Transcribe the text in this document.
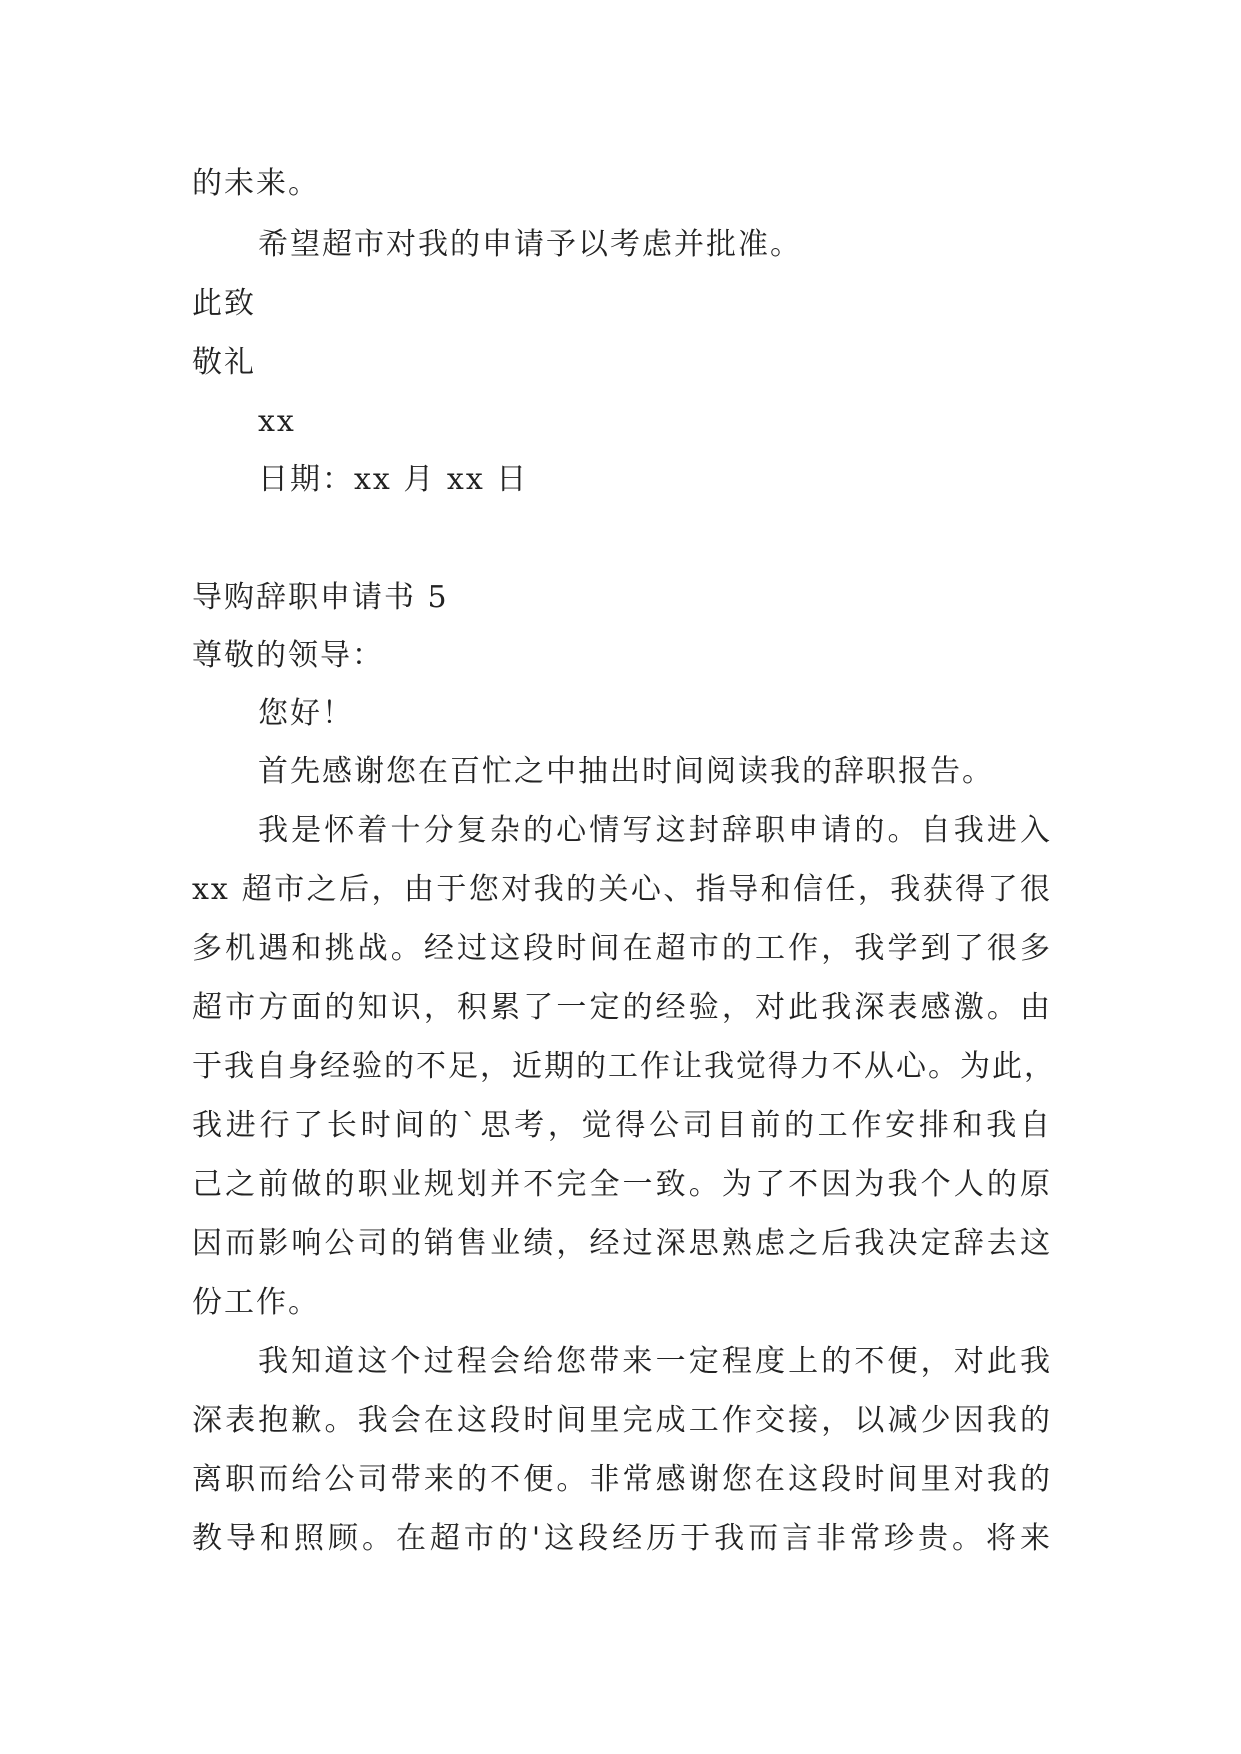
的未来。
希望超市对我的申请予以考虑并批准。
此致
敬礼
xx
日期：xx 月 xx 日
导购辞职申请书 5
尊敬的领导：
您好！
首先感谢您在百忙之中抽出时间阅读我的辞职报告。
我是怀着十分复杂的心情写这封辞职申请的。自我进入
xx 超市之后，由于您对我的关心、指导和信任，我获得了很
多机遇和挑战。经过这段时间在超市的工作，我学到了很多
超市方面的知识，积累了一定的经验，对此我深表感激。由
于我自身经验的不足，近期的工作让我觉得力不从心。为此，
我进行了长时间的`思考，觉得公司目前的工作安排和我自
己之前做的职业规划并不完全一致。为了不因为我个人的原
因而影响公司的销售业绩，经过深思熟虑之后我决定辞去这
份工作。
我知道这个过程会给您带来一定程度上的不便，对此我
深表抱歉。我会在这段时间里完成工作交接，以减少因我的
离职而给公司带来的不便。非常感谢您在这段时间里对我的
教导和照顾。在超市的'这段经历于我而言非常珍贵。将来
